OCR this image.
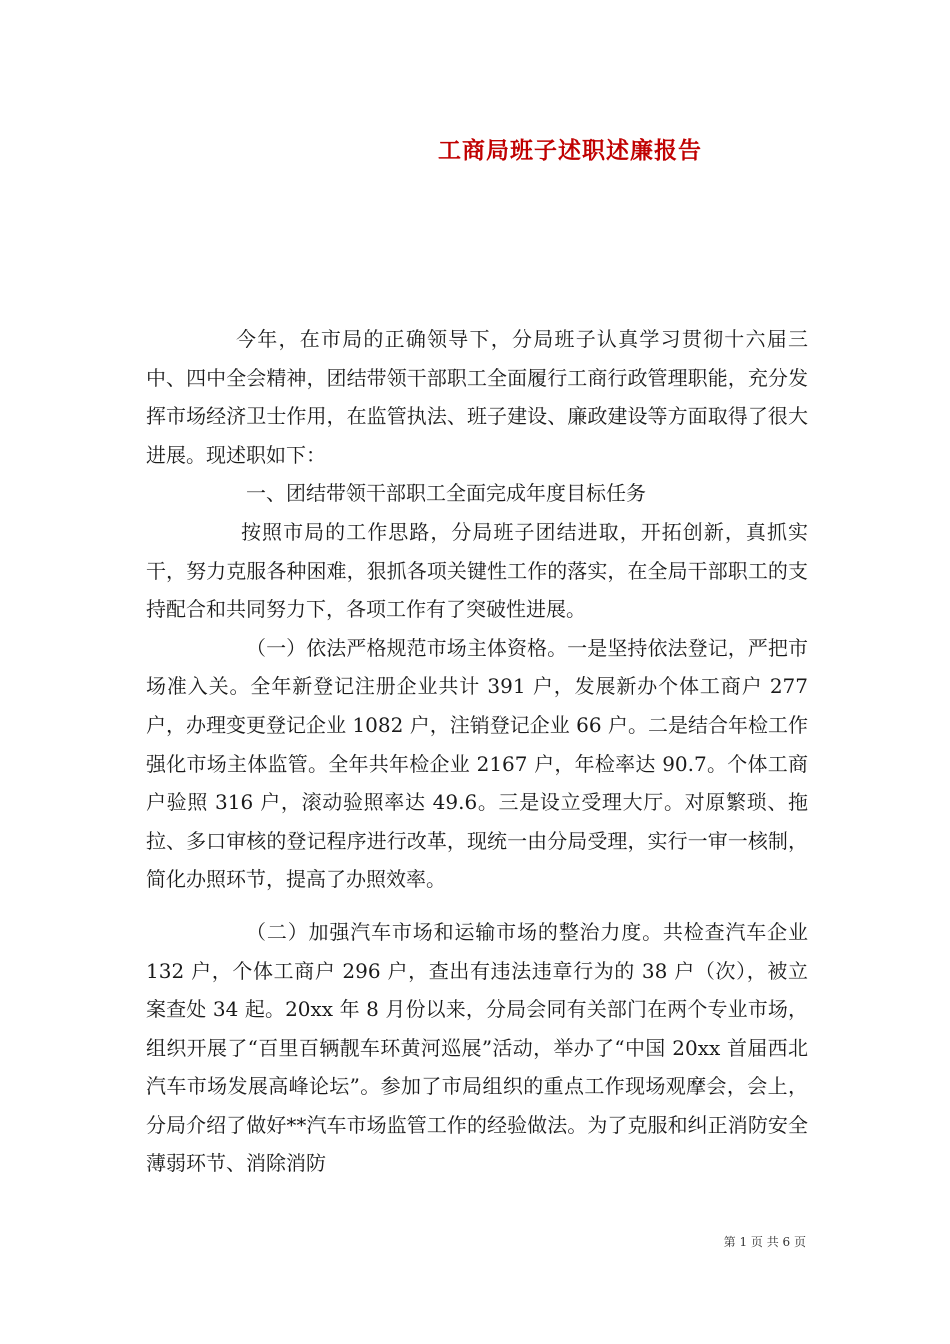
工商局班子述职述廉报告

今年，在市局的正确领导下，分局班子认真学习贯彻十六届三中、四中全会精神，团结带领干部职工全面履行工商行政管理职能，充分发挥市场经济卫士作用，在监管执法、班子建设、廉政建设等方面取得了很大进展。现述职如下：

一、团结带领干部职工全面完成年度目标任务

按照市局的工作思路，分局班子团结进取，开拓创新，真抓实干，努力克服各种困难，狠抓各项关键性工作的落实，在全局干部职工的支持配合和共同努力下，各项工作有了突破性进展。

（一）依法严格规范市场主体资格。一是坚持依法登记，严把市场准入关。全年新登记注册企业共计 391 户，发展新办个体工商户 277 户，办理变更登记企业 1082 户，注销登记企业 66 户。二是结合年检工作强化市场主体监管。全年共年检企业 2167 户，年检率达 90.7。个体工商户验照 316 户，滚动验照率达 49.6。三是设立受理大厅。对原繁琐、拖拉、多口审核的登记程序进行改革，现统一由分局受理，实行一审一核制，简化办照环节，提高了办照效率。

（二）加强汽车市场和运输市场的整治力度。共检查汽车企业 132 户，个体工商户 296 户，查出有违法违章行为的 38 户（次），被立案查处 34 起。20xx 年 8 月份以来，分局会同有关部门在两个专业市场，组织开展了“百里百辆靓车环黄河巡展”活动，举办了“中国 20xx 首届西北汽车市场发展高峰论坛”。参加了市局组织的重点工作现场观摩会，会上，分局介绍了做好**汽车市场监管工作的经验做法。为了克服和纠正消防安全薄弱环节、消除消防

第 1 页 共 6 页
